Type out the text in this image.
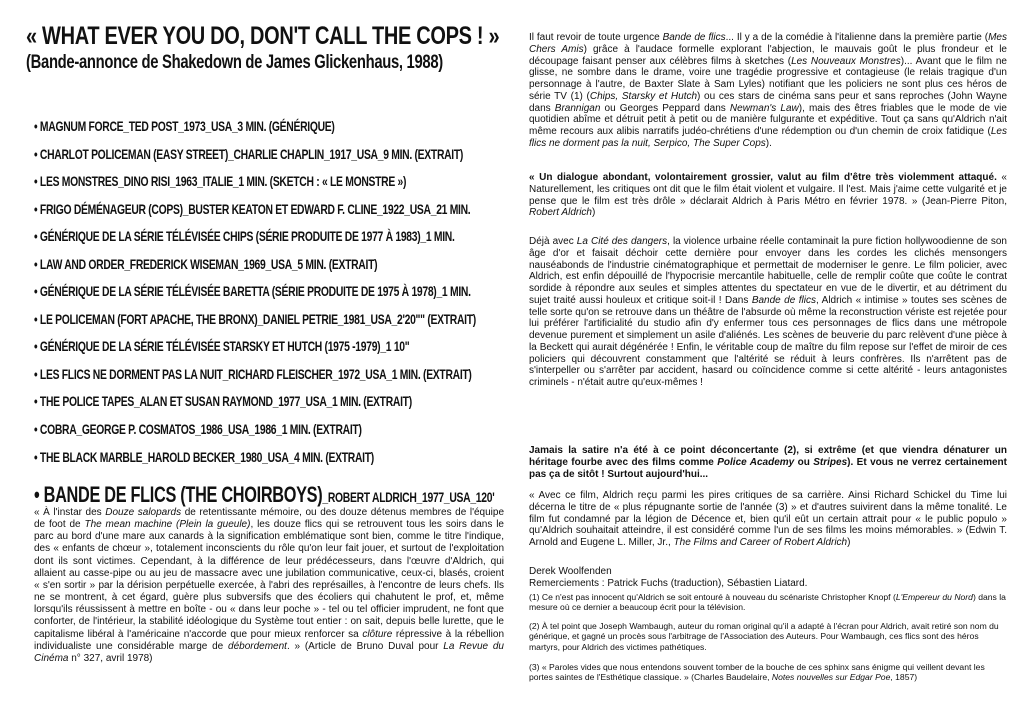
« WHAT EVER YOU DO, DON'T CALL THE COPS ! »
(Bande-annonce de Shakedown de James Glickenhaus, 1988)
• MAGNUM FORCE_TED POST_1973_USA_3 MIN. (GÉNÉRIQUE)
• CHARLOT POLICEMAN (EASY STREET)_CHARLIE CHAPLIN_1917_USA_9 MIN. (EXTRAIT)
• LES MONSTRES_DINO RISI_1963_ITALIE_1 MIN. (SKETCH : « LE MONSTRE »)
• FRIGO DÉMÉNAGEUR (COPS)_BUSTER KEATON ET EDWARD F. CLINE_1922_USA_21 MIN.
• GÉNÉRIQUE DE LA SÉRIE TÉLÉVISÉE CHIPS (SÉRIE PRODUITE DE 1977 À 1983)_1 MIN.
• LAW AND ORDER_FREDERICK WISEMAN_1969_USA_5 MIN. (EXTRAIT)
• GÉNÉRIQUE DE LA SÉRIE TÉLÉVISÉE BARETTA (SÉRIE PRODUITE DE 1975 À 1978)_1 MIN.
• LE POLICEMAN (FORT APACHE, THE BRONX)_DANIEL PETRIE_1981_USA_2'20"" (EXTRAIT)
• GÉNÉRIQUE DE LA SÉRIE TÉLÉVISÉE STARSKY ET HUTCH (1975 -1979)_1 10"
• LES FLICS NE DORMENT PAS LA NUIT_RICHARD FLEISCHER_1972_USA_1 MIN. (EXTRAIT)
• THE POLICE TAPES_ALAN ET SUSAN RAYMOND_1977_USA_1 MIN. (EXTRAIT)
• COBRA_GEORGE P. COSMATOS_1986_USA_1986_1 MIN. (EXTRAIT)
• THE BLACK MARBLE_HAROLD BECKER_1980_USA_4 MIN. (EXTRAIT)
• BANDE DE FLICS (THE CHOIRBOYS)_ROBERT ALDRICH_1977_USA_120'

« À l'instar des Douze salopards de retentissante mémoire, ou des douze détenus membres de l'équipe de foot de The mean machine (Plein la gueule), les douze flics qui se retrouvent tous les soirs dans le parc au bord d'une mare aux canards à la signification emblématique sont bien, comme le titre l'indique, des « enfants de chœur », totalement inconscients du rôle qu'on leur fait jouer, et surtout de l'exploitation dont ils sont victimes. Cependant, à la différence de leur prédécesseurs, dans l'œuvre d'Aldrich, qui allaient au casse-pipe ou au jeu de massacre avec une jubilation communicative, ceux-ci, blasés, croient « s'en sortir » par la dérision perpétuelle exercée, à l'abri des représailles, à l'encontre de leurs chefs. Ils ne se montrent, à cet égard, guère plus subversifs que des écoliers qui chahutent le prof, et, même lorsqu'ils réussissent à mettre en boîte - ou « dans leur poche » - tel ou tel officier imprudent, ne font que conforter, de l'intérieur, la stabilité idéologique du Système tout entier : on sait, depuis belle lurette, que le capitalisme libéral à l'américaine n'accorde que pour mieux renforcer sa clôture répressive à la rébellion individualiste une considérable marge de débordement. » (Article de Bruno Duval pour La Revue du Cinéma n° 327, avril 1978)

Il faut revoir de toute urgence Bande de flics... Il y a de la comédie à l'italienne dans la première partie (Mes Chers Amis) grâce à l'audace formelle explorant l'abjection, le mauvais goût le plus frondeur et le découpage faisant penser aux célèbres films à sketches (Les Nouveaux Monstres)... Avant que le film ne glisse, ne sombre dans le drame, voire une tragédie progressive et contagieuse (le relais tragique d'un personnage à l'autre, de Baxter Slate à Sam Lyles) notifiant que les policiers ne sont plus ces héros de série TV (1) (Chips, Starsky et Hutch) ou ces stars de cinéma sans peur et sans reproches (John Wayne dans Brannigan ou Georges Peppard dans Newman's Law), mais des êtres friables que le mode de vie quotidien abîme et détruit petit à petit ou de manière fulgurante et expéditive. Tout ça sans qu'Aldrich n'ait même recours aux alibis narratifs judéo-chrétiens d'une rédemption ou d'un chemin de croix fatidique (Les flics ne dorment pas la nuit, Serpico, The Super Cops).

« Un dialogue abondant, volontairement grossier, valut au film d'être très violemment attaqué. « Naturellement, les critiques ont dit que le film était violent et vulgaire. Il l'est. Mais j'aime cette vulgarité et je pense que le film est très drôle » déclarait Aldrich à Paris Métro en février 1978. » (Jean-Pierre Piton, Robert Aldrich)

Déjà avec La Cité des dangers, la violence urbaine réelle contaminait la pure fiction hollywoodienne de son âge d'or et faisait déchoir cette dernière pour envoyer dans les cordes les clichés mensongers nauséabonds de l'industrie cinématographique et permettait de moderniser le genre. Le film policier, avec Aldrich, est enfin dépouillé de l'hypocrisie mercantile habituelle, celle de remplir coûte que coûte le contrat sordide à répondre aux seules et simples attentes du spectateur en vue de le divertir, et au détriment du sujet traité aussi houleux et critique soit-il ! Dans Bande de flics, Aldrich « intimise » toutes ses scènes de telle sorte qu'on se retrouve dans un théâtre de l'absurde où même la reconstruction vériste est rejetée pour lui préférer l'artificialité du studio afin d'y enfermer tous ces personnages de flics dans une métropole devenue purement et simplement un asile d'aliénés. Les scènes de beuverie du parc relèvent d'une pièce à la Beckett qui aurait dégénérée ! Enfin, le véritable coup de maître du film repose sur l'effet de miroir de ces policiers qui découvrent constamment que l'altérité se réduit à leurs confrères. Ils n'arrêtent pas de s'interpeller ou s'arrêter par accident, hasard ou coïncidence comme si cette altérité - leurs antagonistes criminels - n'était autre qu'eux-mêmes !

Jamais la satire n'a été à ce point déconcertante (2), si extrême (et que viendra dénaturer un héritage fourbe avec des films comme Police Academy ou Stripes). Et vous ne verrez certainement pas ça de sitôt ! Surtout aujourd'hui...

« Avec ce film, Aldrich reçu parmi les pires critiques de sa carrière. Ainsi Richard Schickel du Time lui décerna le titre de « plus répugnante sortie de l'année (3) » et d'autres suivirent dans la même tonalité. Le film fut condamné par la légion de Décence et, bien qu'il eût un certain attrait pour « le public populo » qu'Aldrich souhaitait atteindre, il est considéré comme l'un de ses films les moins mémorables. » (Edwin T. Arnold and Eugene L. Miller, Jr., The Films and Career of Robert Aldrich)

Derek Woolfenden
Remerciements : Patrick Fuchs (traduction), Sébastien Liatard.

(1) Ce n'est pas innocent qu'Aldrich se soit entouré à nouveau du scénariste Christopher Knopf (L'Empereur du Nord) dans la mesure où ce dernier a beaucoup écrit pour la télévision.

(2) À tel point que Joseph Wambaugh, auteur du roman original qu'il a adapté à l'écran pour Aldrich, avait retiré son nom du générique, et gagné un procès sous l'arbitrage de l'Association des Auteurs. Pour Wambaugh, ces flics sont des héros martyrs, pour Aldrich des victimes pathétiques.

(3) « Paroles vides que nous entendons souvent tomber de la bouche de ces sphinx sans énigme qui veillent devant les portes saintes de l'Esthétique classique. » (Charles Baudelaire, Notes nouvelles sur Edgar Poe, 1857)
